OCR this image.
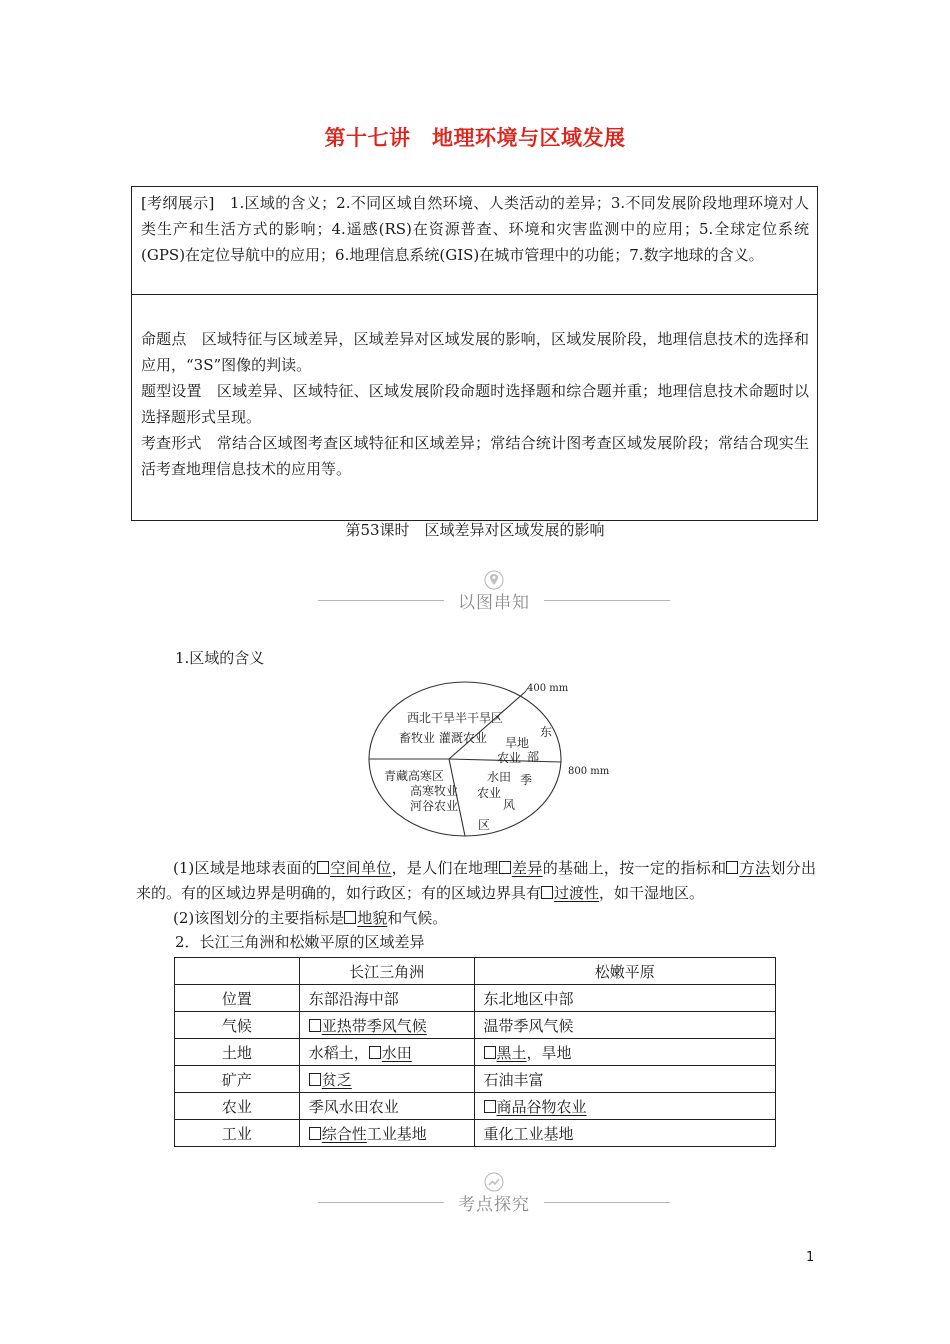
第十七讲　地理环境与区域发展

[考纲展示]　1.区域的含义；2.不同区域自然环境、人类活动的差异；3.不同发展阶段地理环境对人类生产和生活方式的影响；4.遥感(RS)在资源普查、环境和灾害监测中的应用；5.全球定位系统(GPS)在定位导航中的应用；6.地理信息系统(GIS)在城市管理中的功能；7.数字地球的含义。

命题点　区域特征与区域差异，区域差异对区域发展的影响，区域发展阶段，地理信息技术的选择和应用，“3S”图像的判读。

题型设置　区域差异、区域特征、区域发展阶段命题时选择题和综合题并重；地理信息技术命题时以选择题形式呈现。

考查形式　常结合区域图考查区域特征和区域差异；常结合统计图考查区域发展阶段；常结合现实生活考查地理信息技术的应用等。

第53课时　区域差异对区域发展的影响
以图串知
1.区域的含义
400 mm
800 mm
西北干旱半干旱区
畜牧业 灌溉农业	东
旱地
农业 部
青藏高寒区
高寒牧业
河谷农业
水田
农业
季
风
区

(1)区域是地球表面的 空间单位，是人们在地理 差异的基础上，按一定的指标和 方法划分出来的。有的区域边界是明确的，如行政区；有的区域边界具有 过渡性，如干湿地区。

(2)该图划分的主要指标是 地貌和气候。

2．长江三角洲和松嫩平原的区域差异
	长江三角洲	松嫩平原
位置	东部沿海中部	东北地区中部
气候	亚热带季风气候	温带季风气候
土地	水稻土， 水田	黑土，旱地
矿产	贫乏	石油丰富
农业	季风水田农业	商品谷物农业
工业	综合性工业基地	重化工业基地
考点探究
1
